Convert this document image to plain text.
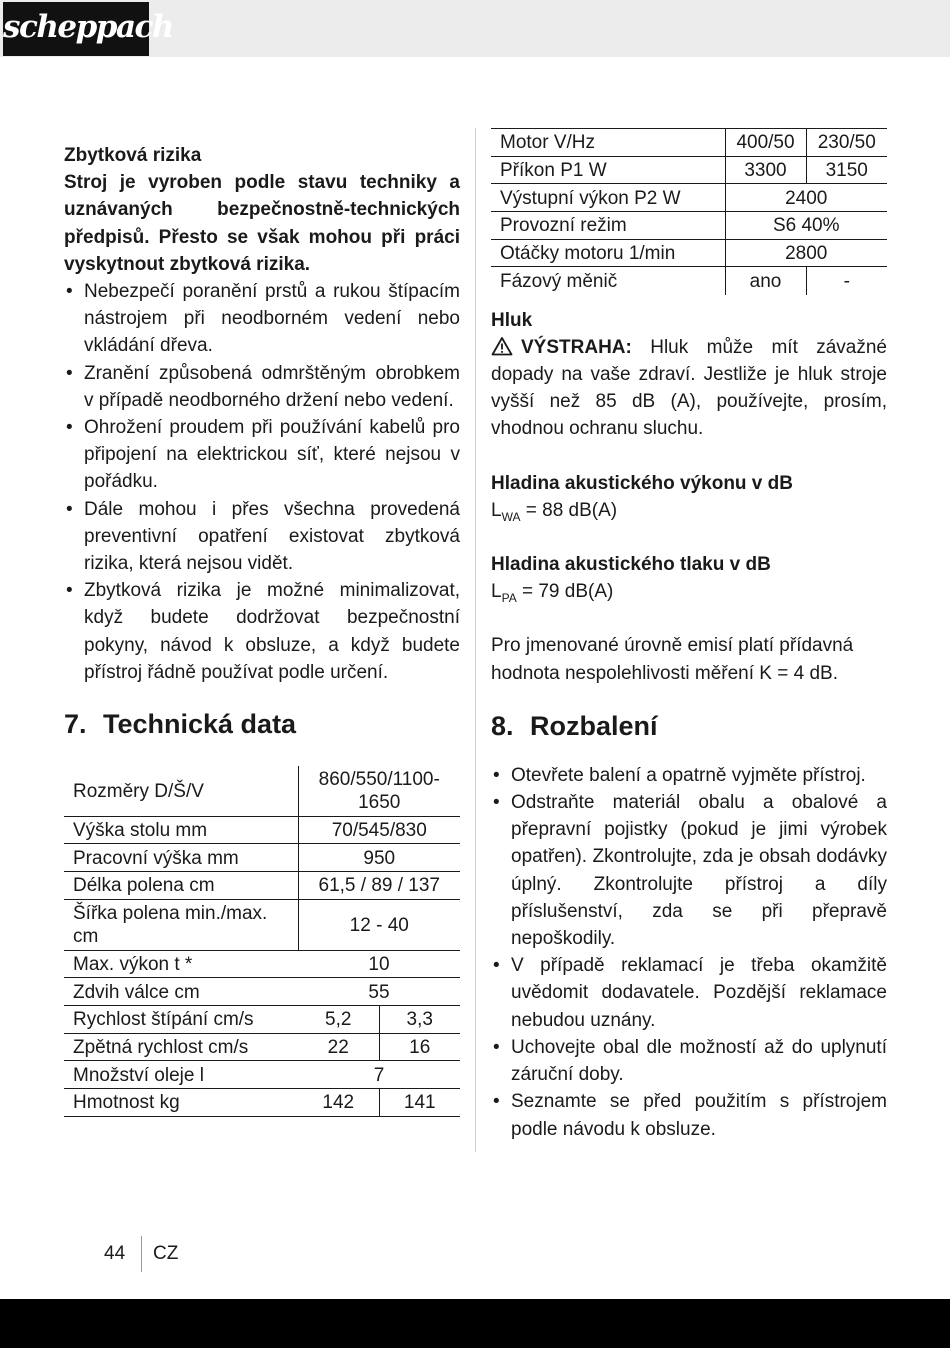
scheppach
Zbytková rizika

Stroj je vyroben podle stavu techniky a uznávaných bezpečnostně-technických předpisů. Přesto se však mohou při práci vyskytnout zbytková rizika.

• Nebezpečí poranění prstů a rukou štípacím nástrojem při neodborném vedení nebo vkládání dřeva.
• Zranění způsobená odmrštěným obrobkem v případě neodborného držení nebo vedení.
• Ohrožení proudem při používání kabelů pro připojení na elektrickou síť, které nejsou v pořádku.
• Dále mohou i přes všechna provedená preventivní opatření existovat zbytková rizika, která nejsou vidět.
• Zbytková rizika je možné minimalizovat, když budete dodržovat bezpečnostní pokyny, návod k obsluze, a když budete přístroj řádně používat podle určení.
7. Technická data
Rozměry D/Š/V	860/550/1100-1650	
Výška stolu mm	70/545/830	
Pracovní výška mm	950	
Délka polena cm	61,5 / 89 / 137	
Šířka polena min./max. cm	12 - 40	
Max. výkon t *	10	
Zdvih válce cm	55	
Rychlost štípání cm/s	5,2	3,3
Zpětná rychlost cm/s	22	16
Množství oleje l	7	
Hmotnost kg	142	141
Motor V/Hz	400/50	230/50
Příkon P1 W	3300	3150
Výstupní výkon P2 W	2400	
Provozní režim	S6 40%	
Otáčky motoru 1/min	2800	
Fázový měnič	ano	-
Hluk

VÝSTRAHA: Hluk může mít závažné dopady na vaše zdraví. Jestliže je hluk stroje vyšší než 85 dB (A), používejte, prosím, vhodnou ochranu sluchu.

Hladina akustického výkonu v dB
$L_{WA} = 88$ dB(A)
Hladina akustického tlaku v dB
$L_{PA} = 79$ dB(A)

Pro jmenované úrovně emisí platí přídavná hodnota nespolehlivosti měření K = 4 dB.

8. Rozbalení
• Otevřete balení a opatrně vyjměte přístroj.
• Odstraňte materiál obalu a obalové a přepravní pojistky (pokud je jimi výrobek opatřen). Zkontrolujte, zda je obsah dodávky úplný. Zkontrolujte přístroj a díly příslušenství, zda se při přepravě nepoškodily.
• V případě reklamací je třeba okamžitě uvědomit dodavatele. Pozdější reklamace nebudou uznány.
• Uchovejte obal dle možností až do uplynutí záruční doby.
• Seznamte se před použitím s přístrojem podle návodu k obsluze.
44 CZ
